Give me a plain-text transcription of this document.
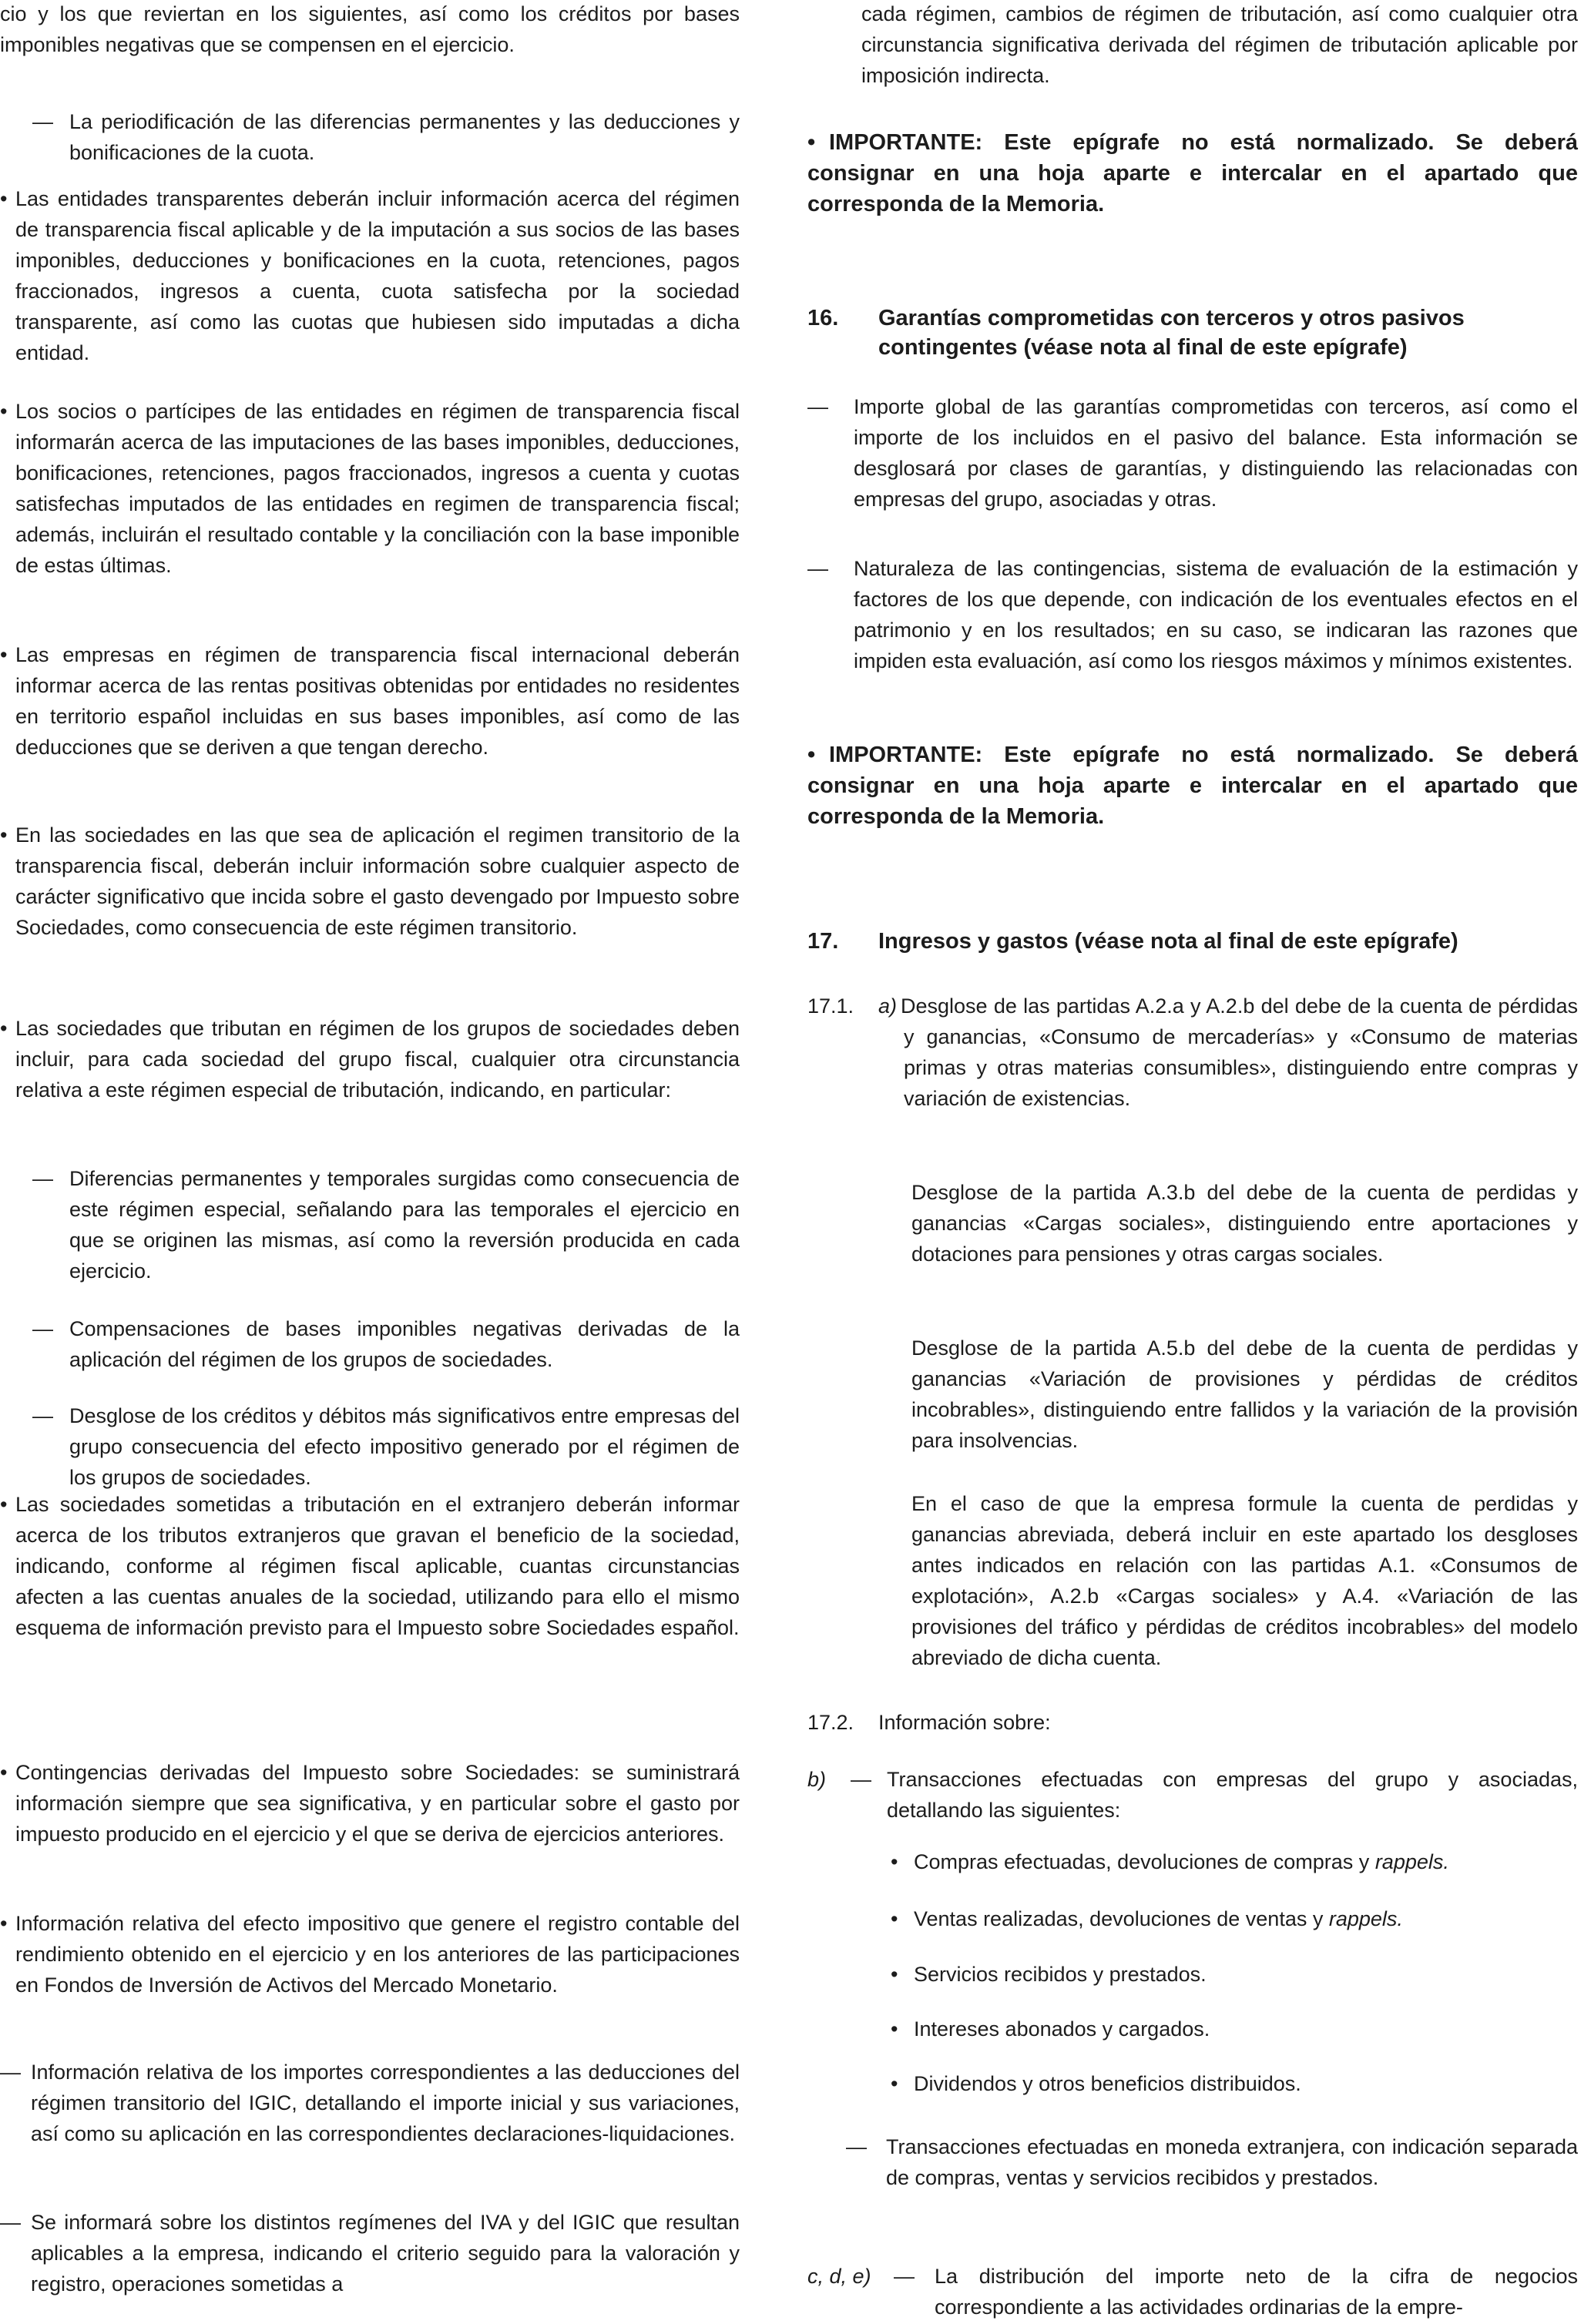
cio y los que reviertan en los siguientes, así como los créditos por bases imponibles negativas que se compensen en el ejercicio.

— La periodificación de las diferencias permanentes y las deducciones y bonificaciones de la cuota.

• Las entidades transparentes deberán incluir información acerca del régimen de transparencia fiscal aplicable y de la imputación a sus socios de las bases imponibles, deducciones y bonificaciones en la cuota, retenciones, pagos fraccionados, ingresos a cuenta, cuota satisfecha por la sociedad transparente, así como las cuotas que hubiesen sido imputadas a dicha entidad.

• Los socios o partícipes de las entidades en régimen de transparencia fiscal informarán acerca de las imputaciones de las bases imponibles, deducciones, bonificaciones, retenciones, pagos fraccionados, ingresos a cuenta y cuotas satisfechas imputados de las entidades en regimen de transparencia fiscal; además, incluirán el resultado contable y la conciliación con la base imponible de estas últimas.

• Las empresas en régimen de transparencia fiscal internacional deberán informar acerca de las rentas positivas obtenidas por entidades no residentes en territorio español incluidas en sus bases imponibles, así como de las deducciones que se deriven a que tengan derecho.

• En las sociedades en las que sea de aplicación el regimen transitorio de la transparencia fiscal, deberán incluir información sobre cualquier aspecto de carácter significativo que incida sobre el gasto devengado por Impuesto sobre Sociedades, como consecuencia de este régimen transitorio.

• Las sociedades que tributan en régimen de los grupos de sociedades deben incluir, para cada sociedad del grupo fiscal, cualquier otra circunstancia relativa a este régimen especial de tributación, indicando, en particular:

— Diferencias permanentes y temporales surgidas como consecuencia de este régimen especial, señalando para las temporales el ejercicio en que se originen las mismas, así como la reversión producida en cada ejercicio.

— Compensaciones de bases imponibles negativas derivadas de la aplicación del régimen de los grupos de sociedades.

— Desglose de los créditos y débitos más significativos entre empresas del grupo consecuencia del efecto impositivo generado por el régimen de los grupos de sociedades.

• Las sociedades sometidas a tributación en el extranjero deberán informar acerca de los tributos extranjeros que gravan el beneficio de la sociedad, indicando, conforme al régimen fiscal aplicable, cuantas circunstancias afecten a las cuentas anuales de la sociedad, utilizando para ello el mismo esquema de información previsto para el Impuesto sobre Sociedades español.

• Contingencias derivadas del Impuesto sobre Sociedades: se suministrará información siempre que sea significativa, y en particular sobre el gasto por impuesto producido en el ejercicio y el que se deriva de ejercicios anteriores.

• Información relativa del efecto impositivo que genere el registro contable del rendimiento obtenido en el ejercicio y en los anteriores de las participaciones en Fondos de Inversión de Activos del Mercado Monetario.

— Información relativa de los importes correspondientes a las deducciones del régimen transitorio del IGIC, detallando el importe inicial y sus variaciones, así como su aplicación en las correspondientes declaraciones-liquidaciones.

— Se informará sobre los distintos regímenes del IVA y del IGIC que resultan aplicables a la empresa, indicando el criterio seguido para la valoración y registro, operaciones sometidas a

cada régimen, cambios de régimen de tributación, así como cualquier otra circunstancia significativa derivada del régimen de tributación aplicable por imposición indirecta.

• IMPORTANTE: Este epígrafe no está normalizado. Se deberá consignar en una hoja aparte e intercalar en el apartado que corresponda de la Memoria.

16. Garantías comprometidas con terceros y otros pasivos contingentes (véase nota al final de este epígrafe)

— Importe global de las garantías comprometidas con terceros, así como el importe de los incluidos en el pasivo del balance. Esta información se desglosará por clases de garantías, y distinguiendo las relacionadas con empresas del grupo, asociadas y otras.

— Naturaleza de las contingencias, sistema de evaluación de la estimación y factores de los que depende, con indicación de los eventuales efectos en el patrimonio y en los resultados; en su caso, se indicaran las razones que impiden esta evaluación, así como los riesgos máximos y mínimos existentes.

• IMPORTANTE: Este epígrafe no está normalizado. Se deberá consignar en una hoja aparte e intercalar en el apartado que corresponda de la Memoria.

17. Ingresos y gastos (véase nota al final de este epígrafe)

17.1. a) Desglose de las partidas A.2.a y A.2.b del debe de la cuenta de pérdidas y ganancias, «Consumo de mercaderías» y «Consumo de materias primas y otras materias consumibles», distinguiendo entre compras y variación de existencias.

Desglose de la partida A.3.b del debe de la cuenta de perdidas y ganancias «Cargas sociales», distinguiendo entre aportaciones y dotaciones para pensiones y otras cargas sociales.

Desglose de la partida A.5.b del debe de la cuenta de perdidas y ganancias «Variación de provisiones y pérdidas de créditos incobrables», distinguiendo entre fallidos y la variación de la provisión para insolvencias.

En el caso de que la empresa formule la cuenta de perdidas y ganancias abreviada, deberá incluir en este apartado los desgloses antes indicados en relación con las partidas A.1. «Consumos de explotación», A.2.b «Cargas sociales» y A.4. «Variación de las provisiones del tráfico y pérdidas de créditos incobrables» del modelo abreviado de dicha cuenta.

17.2. Información sobre:

b) — Transacciones efectuadas con empresas del grupo y asociadas, detallando las siguientes:

• Compras efectuadas, devoluciones de compras y rappels.

• Ventas realizadas, devoluciones de ventas y rappels.

• Servicios recibidos y prestados.

• Intereses abonados y cargados.

• Dividendos y otros beneficios distribuidos.

— Transacciones efectuadas en moneda extranjera, con indicación separada de compras, ventas y servicios recibidos y prestados.

c, d, e) — La distribución del importe neto de la cifra de negocios correspondiente a las actividades ordinarias de la empre-
